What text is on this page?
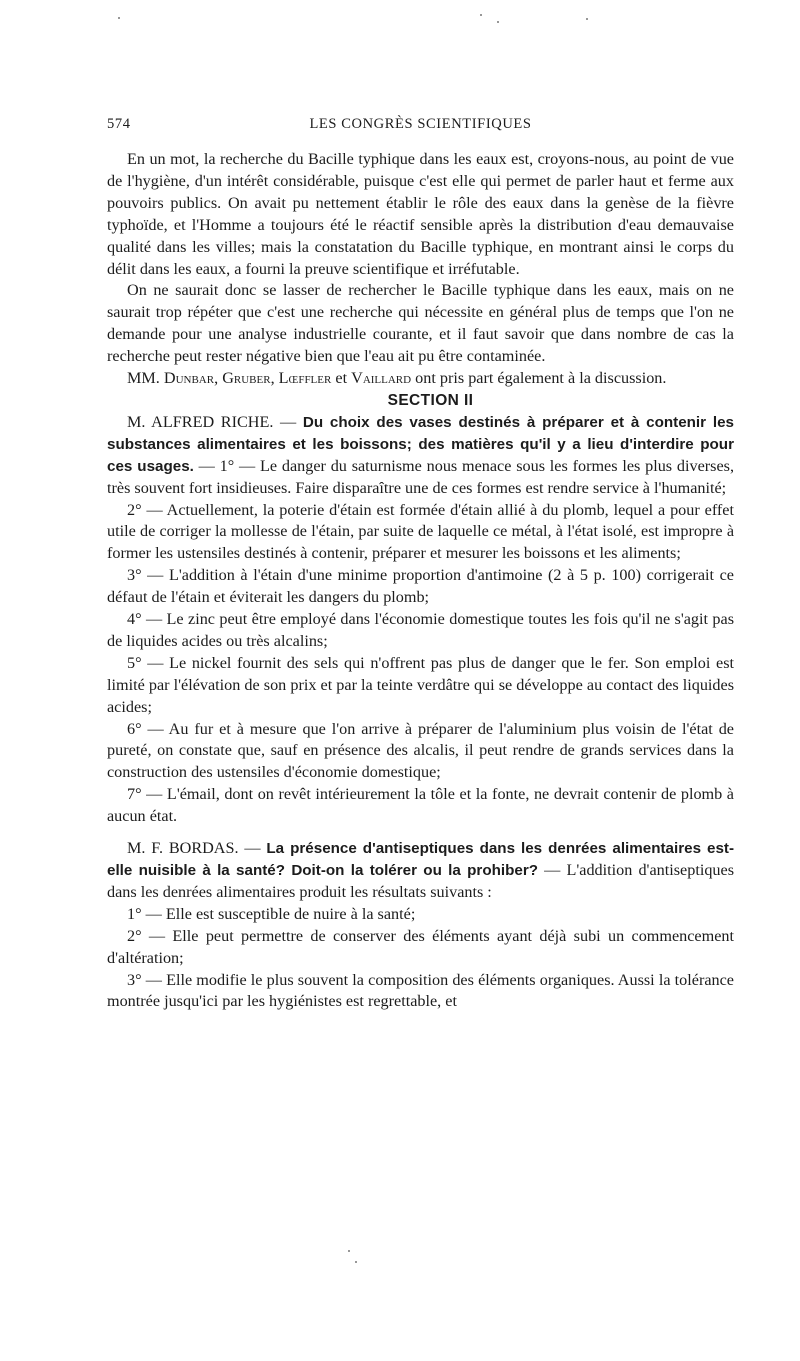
574	LES CONGRÈS SCIENTIFIQUES

En un mot, la recherche du Bacille typhique dans les eaux est, croyons-nous, au point de vue de l'hygiène, d'un intérêt considérable, puisque c'est elle qui permet de parler haut et ferme aux pouvoirs publics. On avait pu nettement établir le rôle des eaux dans la genèse de la fièvre typhoïde, et l'Homme a toujours été le réactif sensible après la distribution d'eau demauvaise qualité dans les villes; mais la constatation du Bacille typhique, en montrant ainsi le corps du délit dans les eaux, a fourni la preuve scientifique et irréfutable.

On ne saurait donc se lasser de rechercher le Bacille typhique dans les eaux, mais on ne saurait trop répéter que c'est une recherche qui nécessite en général plus de temps que l'on ne demande pour une analyse industrielle courante, et il faut savoir que dans nombre de cas la recherche peut rester négative bien que l'eau ait pu être contaminée.

MM. Dunbar, Gruber, Lœffler et Vaillard ont pris part également à la discussion.

SECTION II

M. ALFRED RICHE. — Du choix des vases destinés à préparer et à contenir les substances alimentaires et les boissons; des matières qu'il y a lieu d'interdire pour ces usages. — 1° — Le danger du saturnisme nous menace sous les formes les plus diverses, très souvent fort insidieuses. Faire disparaître une de ces formes est rendre service à l'humanité;

2° — Actuellement, la poterie d'étain est formée d'étain allié à du plomb, lequel a pour effet utile de corriger la mollesse de l'étain, par suite de laquelle ce métal, à l'état isolé, est impropre à former les ustensiles destinés à contenir, préparer et mesurer les boissons et les aliments;

3° — L'addition à l'étain d'une minime proportion d'antimoine (2 à 5 p. 100) corrigerait ce défaut de l'étain et éviterait les dangers du plomb;

4° — Le zinc peut être employé dans l'économie domestique toutes les fois qu'il ne s'agit pas de liquides acides ou très alcalins;

5° — Le nickel fournit des sels qui n'offrent pas plus de danger que le fer. Son emploi est limité par l'élévation de son prix et par la teinte verdâtre qui se développe au contact des liquides acides;

6° — Au fur et à mesure que l'on arrive à préparer de l'aluminium plus voisin de l'état de pureté, on constate que, sauf en présence des alcalis, il peut rendre de grands services dans la construction des ustensiles d'économie domestique;

7° — L'émail, dont on revêt intérieurement la tôle et la fonte, ne devrait contenir de plomb à aucun état.

M. F. BORDAS. — La présence d'antiseptiques dans les denrées alimentaires est-elle nuisible à la santé? Doit-on la tolérer ou la prohiber? — L'addition d'antiseptiques dans les denrées alimentaires produit les résultats suivants :

1° — Elle est susceptible de nuire à la santé;

2° — Elle peut permettre de conserver des éléments ayant déjà subi un commencement d'altération;

3° — Elle modifie le plus souvent la composition des éléments organiques. Aussi la tolérance montrée jusqu'ici par les hygiénistes est regrettable, et
